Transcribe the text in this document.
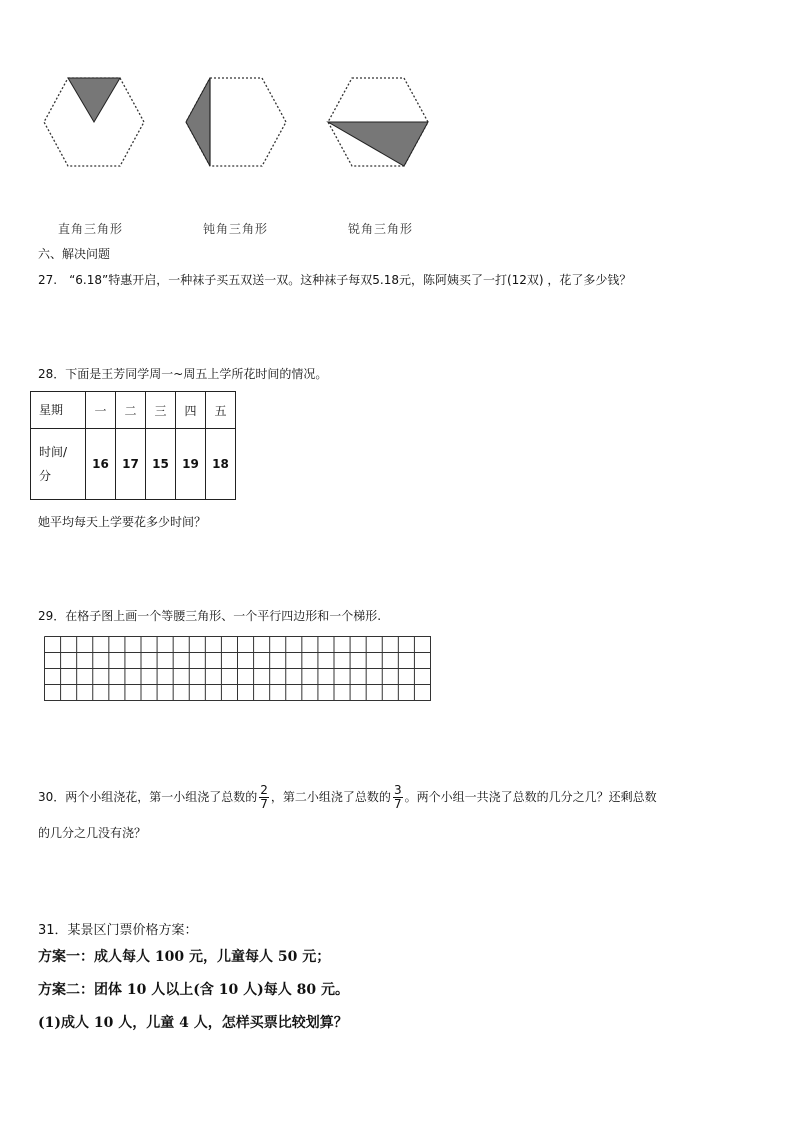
直角三角形	钝角三角形	锐角三角形
六、解决问题
27.　“6.18”特惠开启，一种袜子买五双送一双。这种袜子每双5.18元，陈阿姨买了一打(12双) ，花了多少钱？
28．下面是王芳同学周一~周五上学所花时间的情况。
星期	一	二	三	四	五

时间/
分	16	17	15	19	18
她平均每天上学要花多少时间？
29．在格子图上画一个等腰三角形、一个平行四边形和一个梯形.
30．两个小组浇花，第一小组浇了总数的 $\frac{2}{7}$ ，第二小组浇了总数的 $\frac{3}{7}$ 。两个小组一共浇了总数的几分之几？还剩总数
的几分之几没有浇？
31．某景区门票价格方案：
方案一：成人每人 100 元，儿童每人 50 元；
方案二：团体 10 人以上(含 10 人)每人 80 元。
(1)成人 10 人，儿童 4 人，怎样买票比较划算？
